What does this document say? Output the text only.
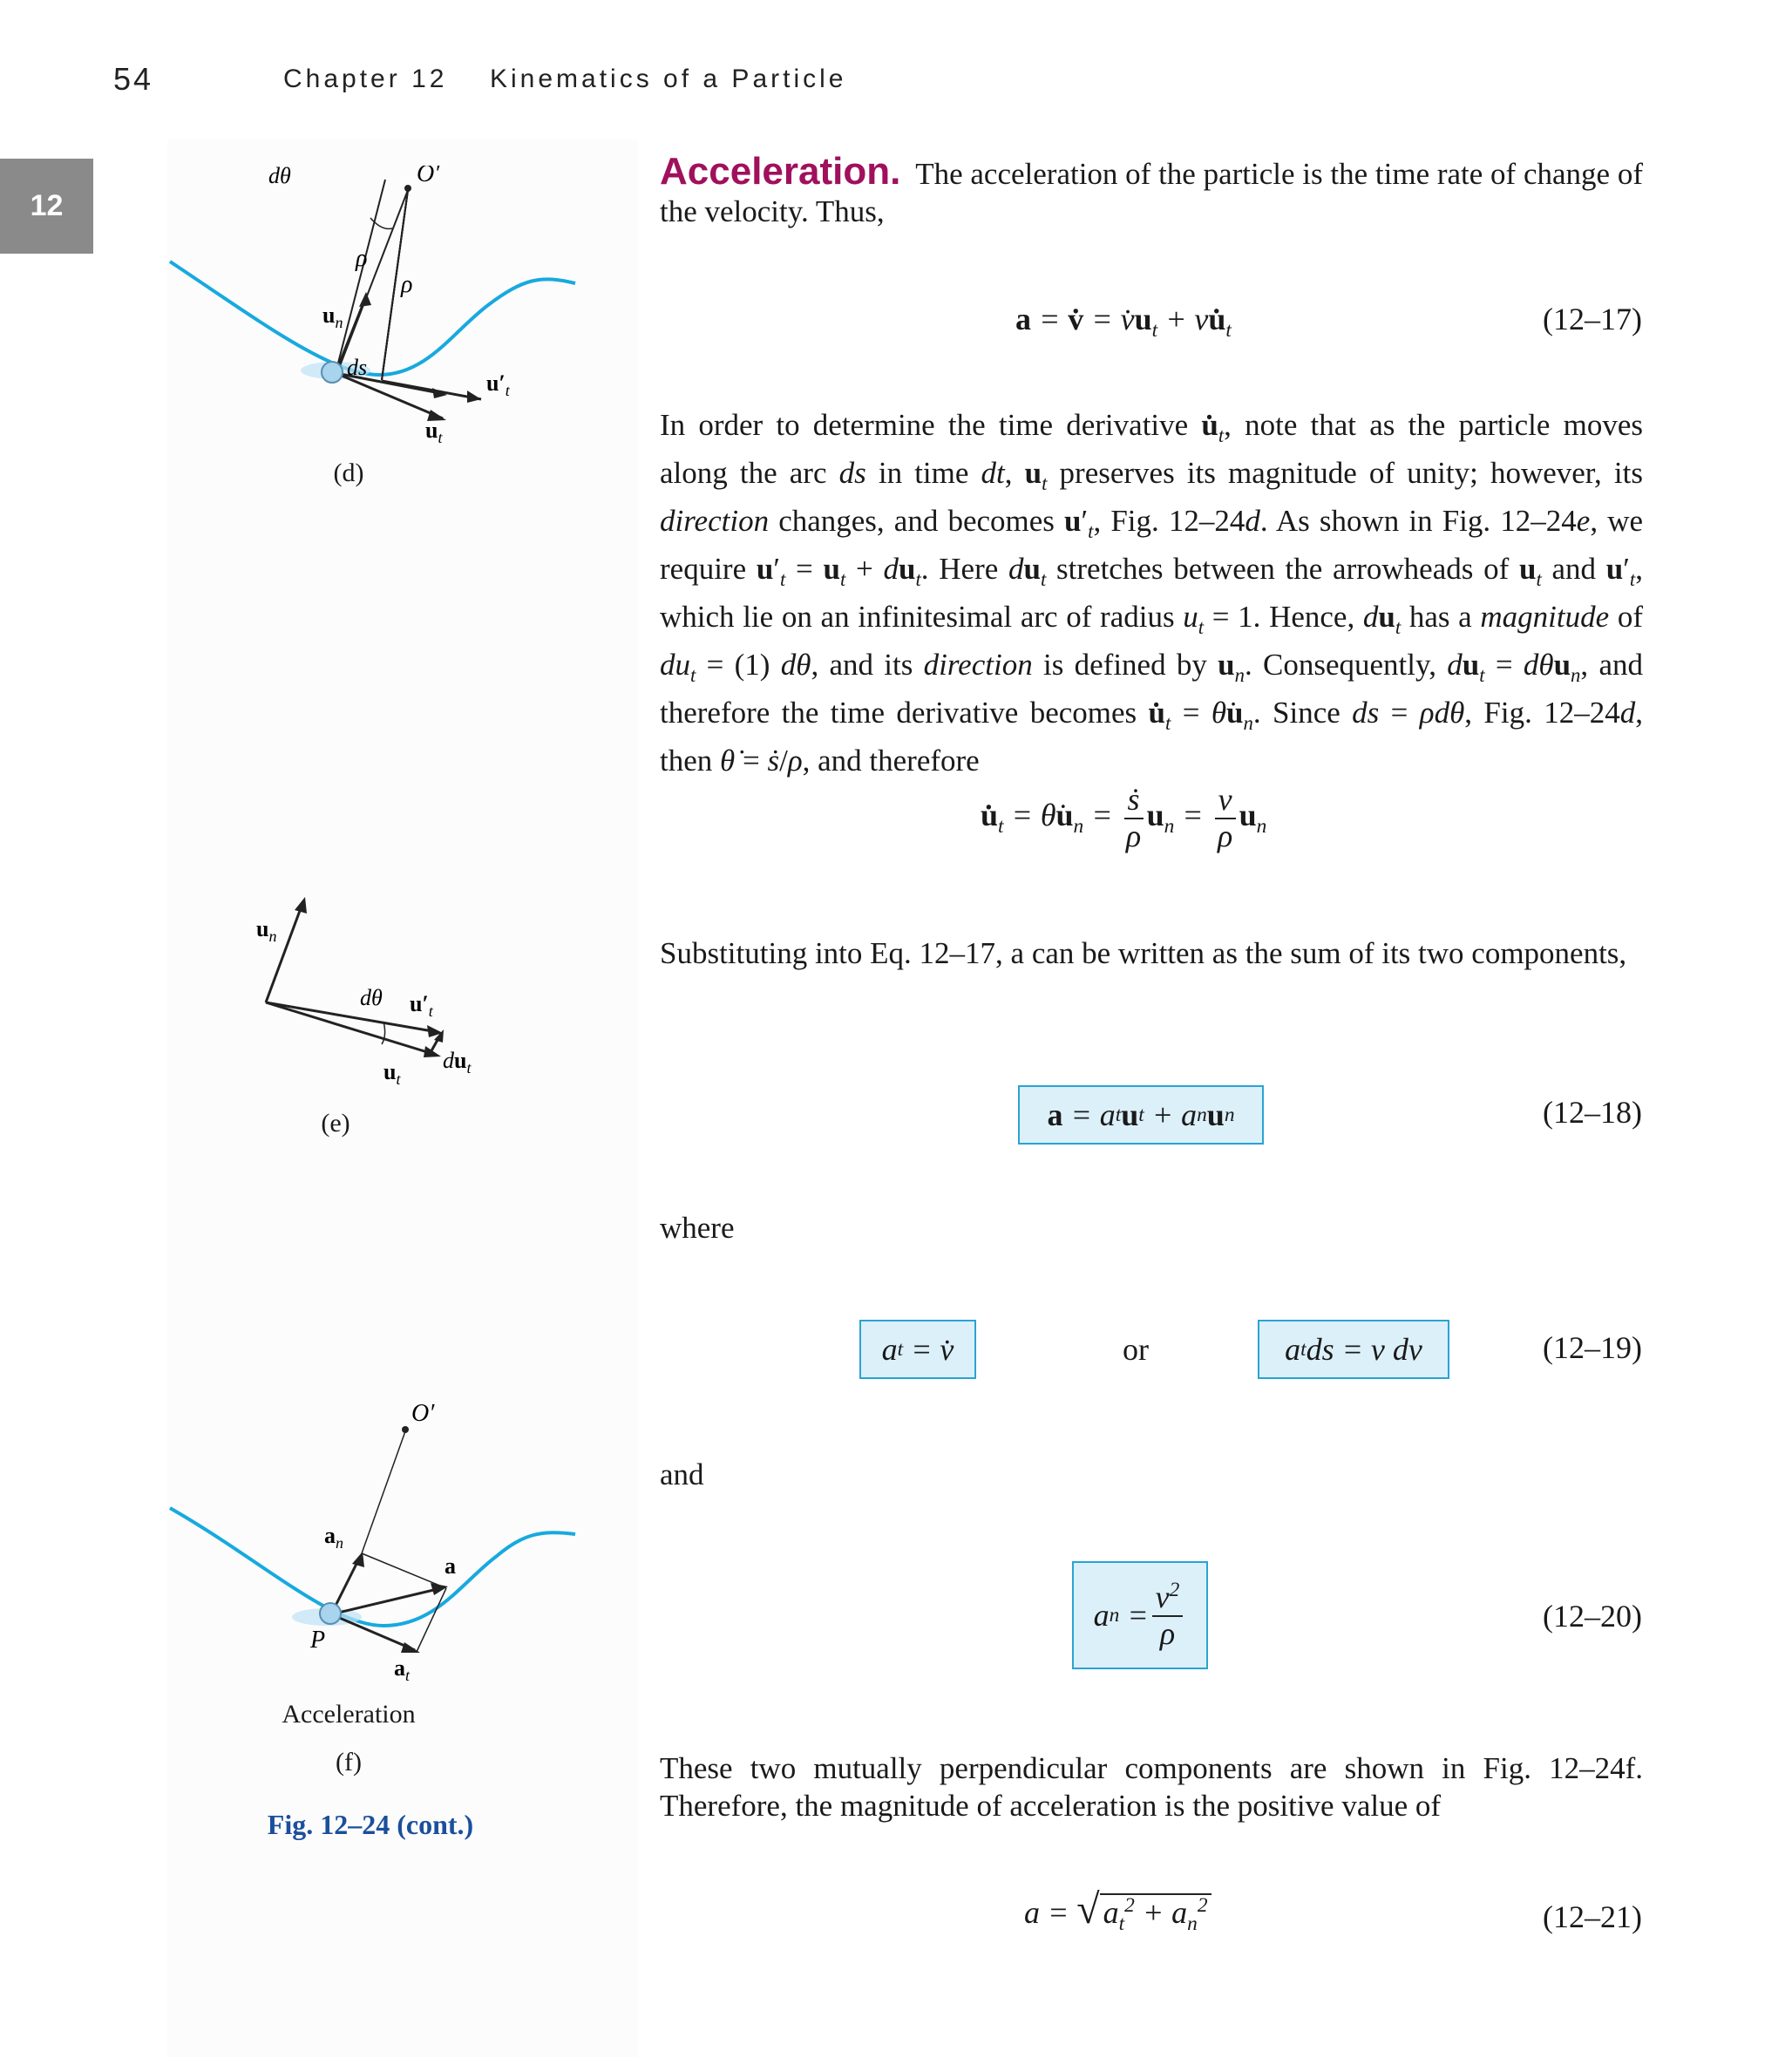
54	Chapter 12 Kinematics of a Particle
12
dθ	O′
ρ
ρ
$u_n$
ds
$u'_t$
$u_t$
(d)
$u_n$
dθ $u'_t$
$u_t$
$du_t$
(e)
O′
$a_n$
a
P
$a_t$
Acceleration
(f)
Fig. 12–24 (cont.)
Acceleration. The acceleration of the particle is the time rate of change of the velocity. Thus,
a = v̇ = $v̇u_t$ + $vu̇_t$	(12–17)
In order to determine the time derivative $u̇_t$, note that as the particle moves along the arc ds in time dt, $u_t$ preserves its magnitude of unity; however, its direction changes, and becomes $u'_t$, Fig. 12–24d. As shown in Fig. 12–24e, we require $u'_t = u_t + du_t$. Here $du_t$ stretches between the arrowheads of $u_t$ and $u'_t$, which lie on an infinitesimal arc of radius $u_t = 1$. Hence, $du_t$ has a magnitude of $du_t = (1)$ dθ, and its direction is defined by $u_n$. Consequently, $du_t = d\theta u_n$, and therefore the time derivative becomes $u̇_t$ = $\thetȧu_n$. Since ds = ρdθ, Fig. 12–24d, then θ̇ = ṡ/ρ, and therefore
$u̇_t$ = $\thetȧu_n = \frac{\text{ṡ}}{\rho} u_n = \frac{v}{\rho} u_n$
Substituting into Eq. 12–17, a can be written as the sum of its two components,
a = a t u t + a n u n	(12–18)
where
a t = v̇	or	a t ds = v dv	(12–19)
and
a $n = \frac{v^2}{\rho}$	(12–20)
These two mutually perpendicular components are shown in Fig. 12–24f. Therefore, the magnitude of acceleration is the positive value of
a = √ $a_t^2 + a_n^2$	(12–21)
